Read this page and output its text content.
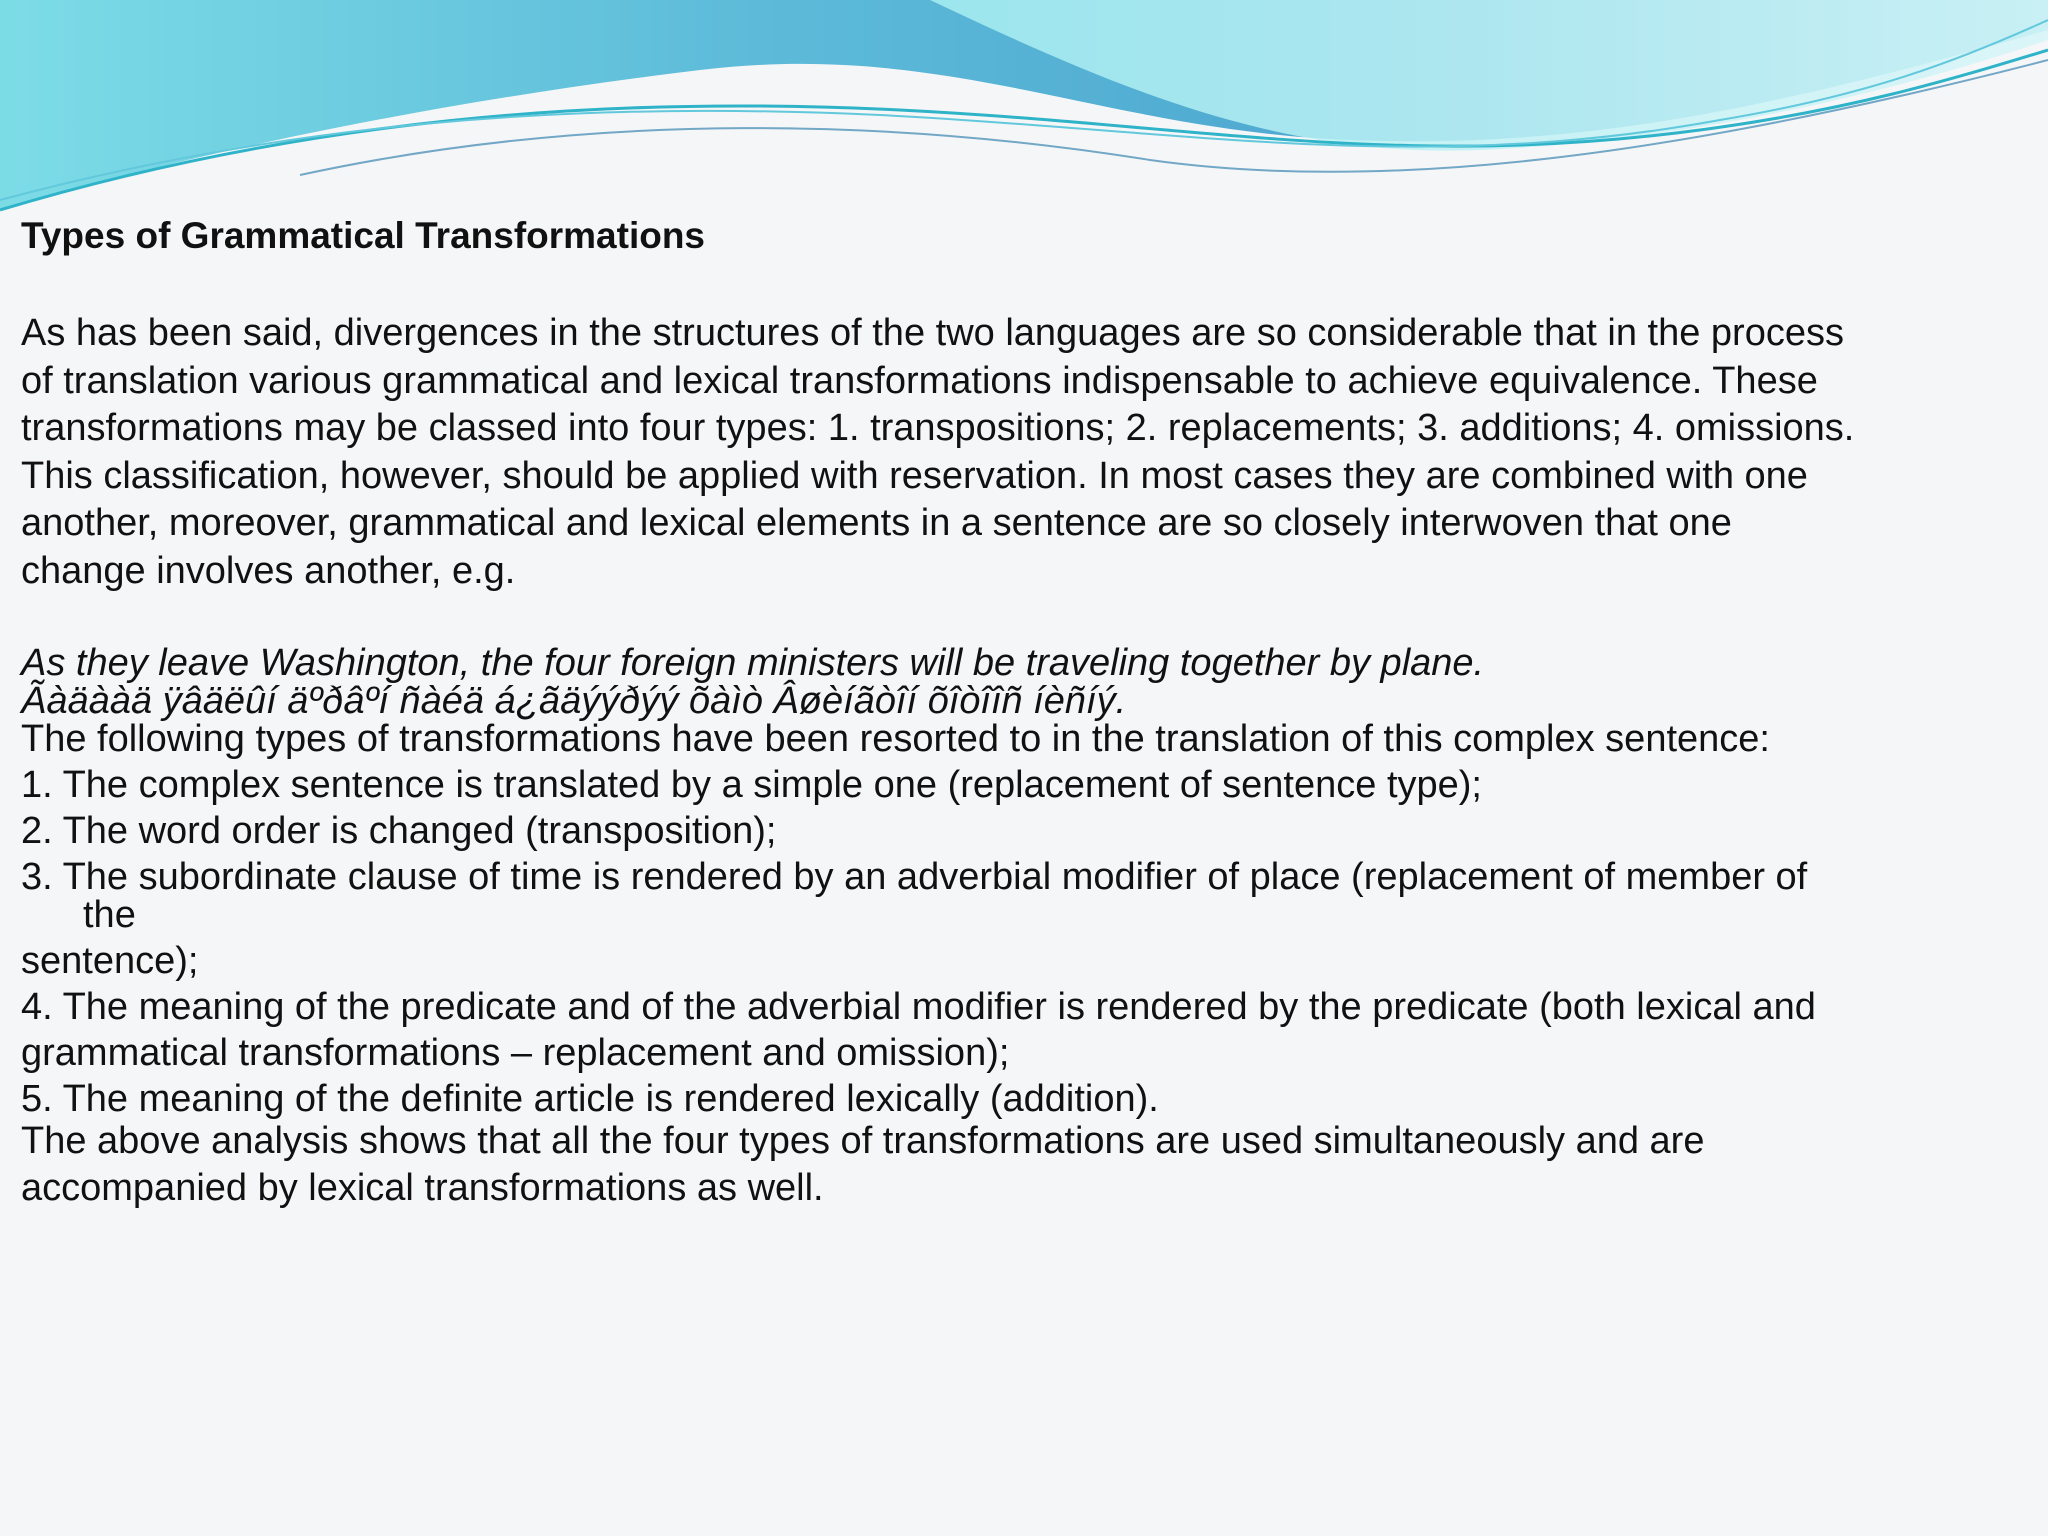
Types of Grammatical Transformations
As has been said, divergences in the structures of the two languages are so considerable that in the process of translation various grammatical and lexical transformations indispensable to achieve equivalence. These transformations may be classed into four types: 1. transpositions; 2. replacements; 3. additions; 4. omissions. This classification, however, should be applied with reservation. In most cases they are combined with one another, moreover, grammatical and lexical elements in a sentence are so closely interwoven that one change involves another, e.g.
As they leave Washington, the four foreign ministers will be traveling together by plane.
Ãàäààä ÿâäëûí äºðâºí ñàéä á¿ãäýýðýý õàìò Âøèíãòîí õîòîîñ íèñíý.
The following types of transformations have been resorted to in the translation of this complex sentence:
1. The complex sentence is translated by a simple one (replacement of sentence type);
2. The word order is changed (transposition);
3. The subordinate clause of time is rendered by an adverbial modifier of place (replacement of member of the
sentence);
4. The meaning of the predicate and of the adverbial modifier is rendered by the predicate (both lexical and
grammatical transformations – replacement and omission);
5. The meaning of the definite article is rendered lexically (addition).
The above analysis shows that all the four types of transformations are used simultaneously and are accompanied by lexical transformations as well.
